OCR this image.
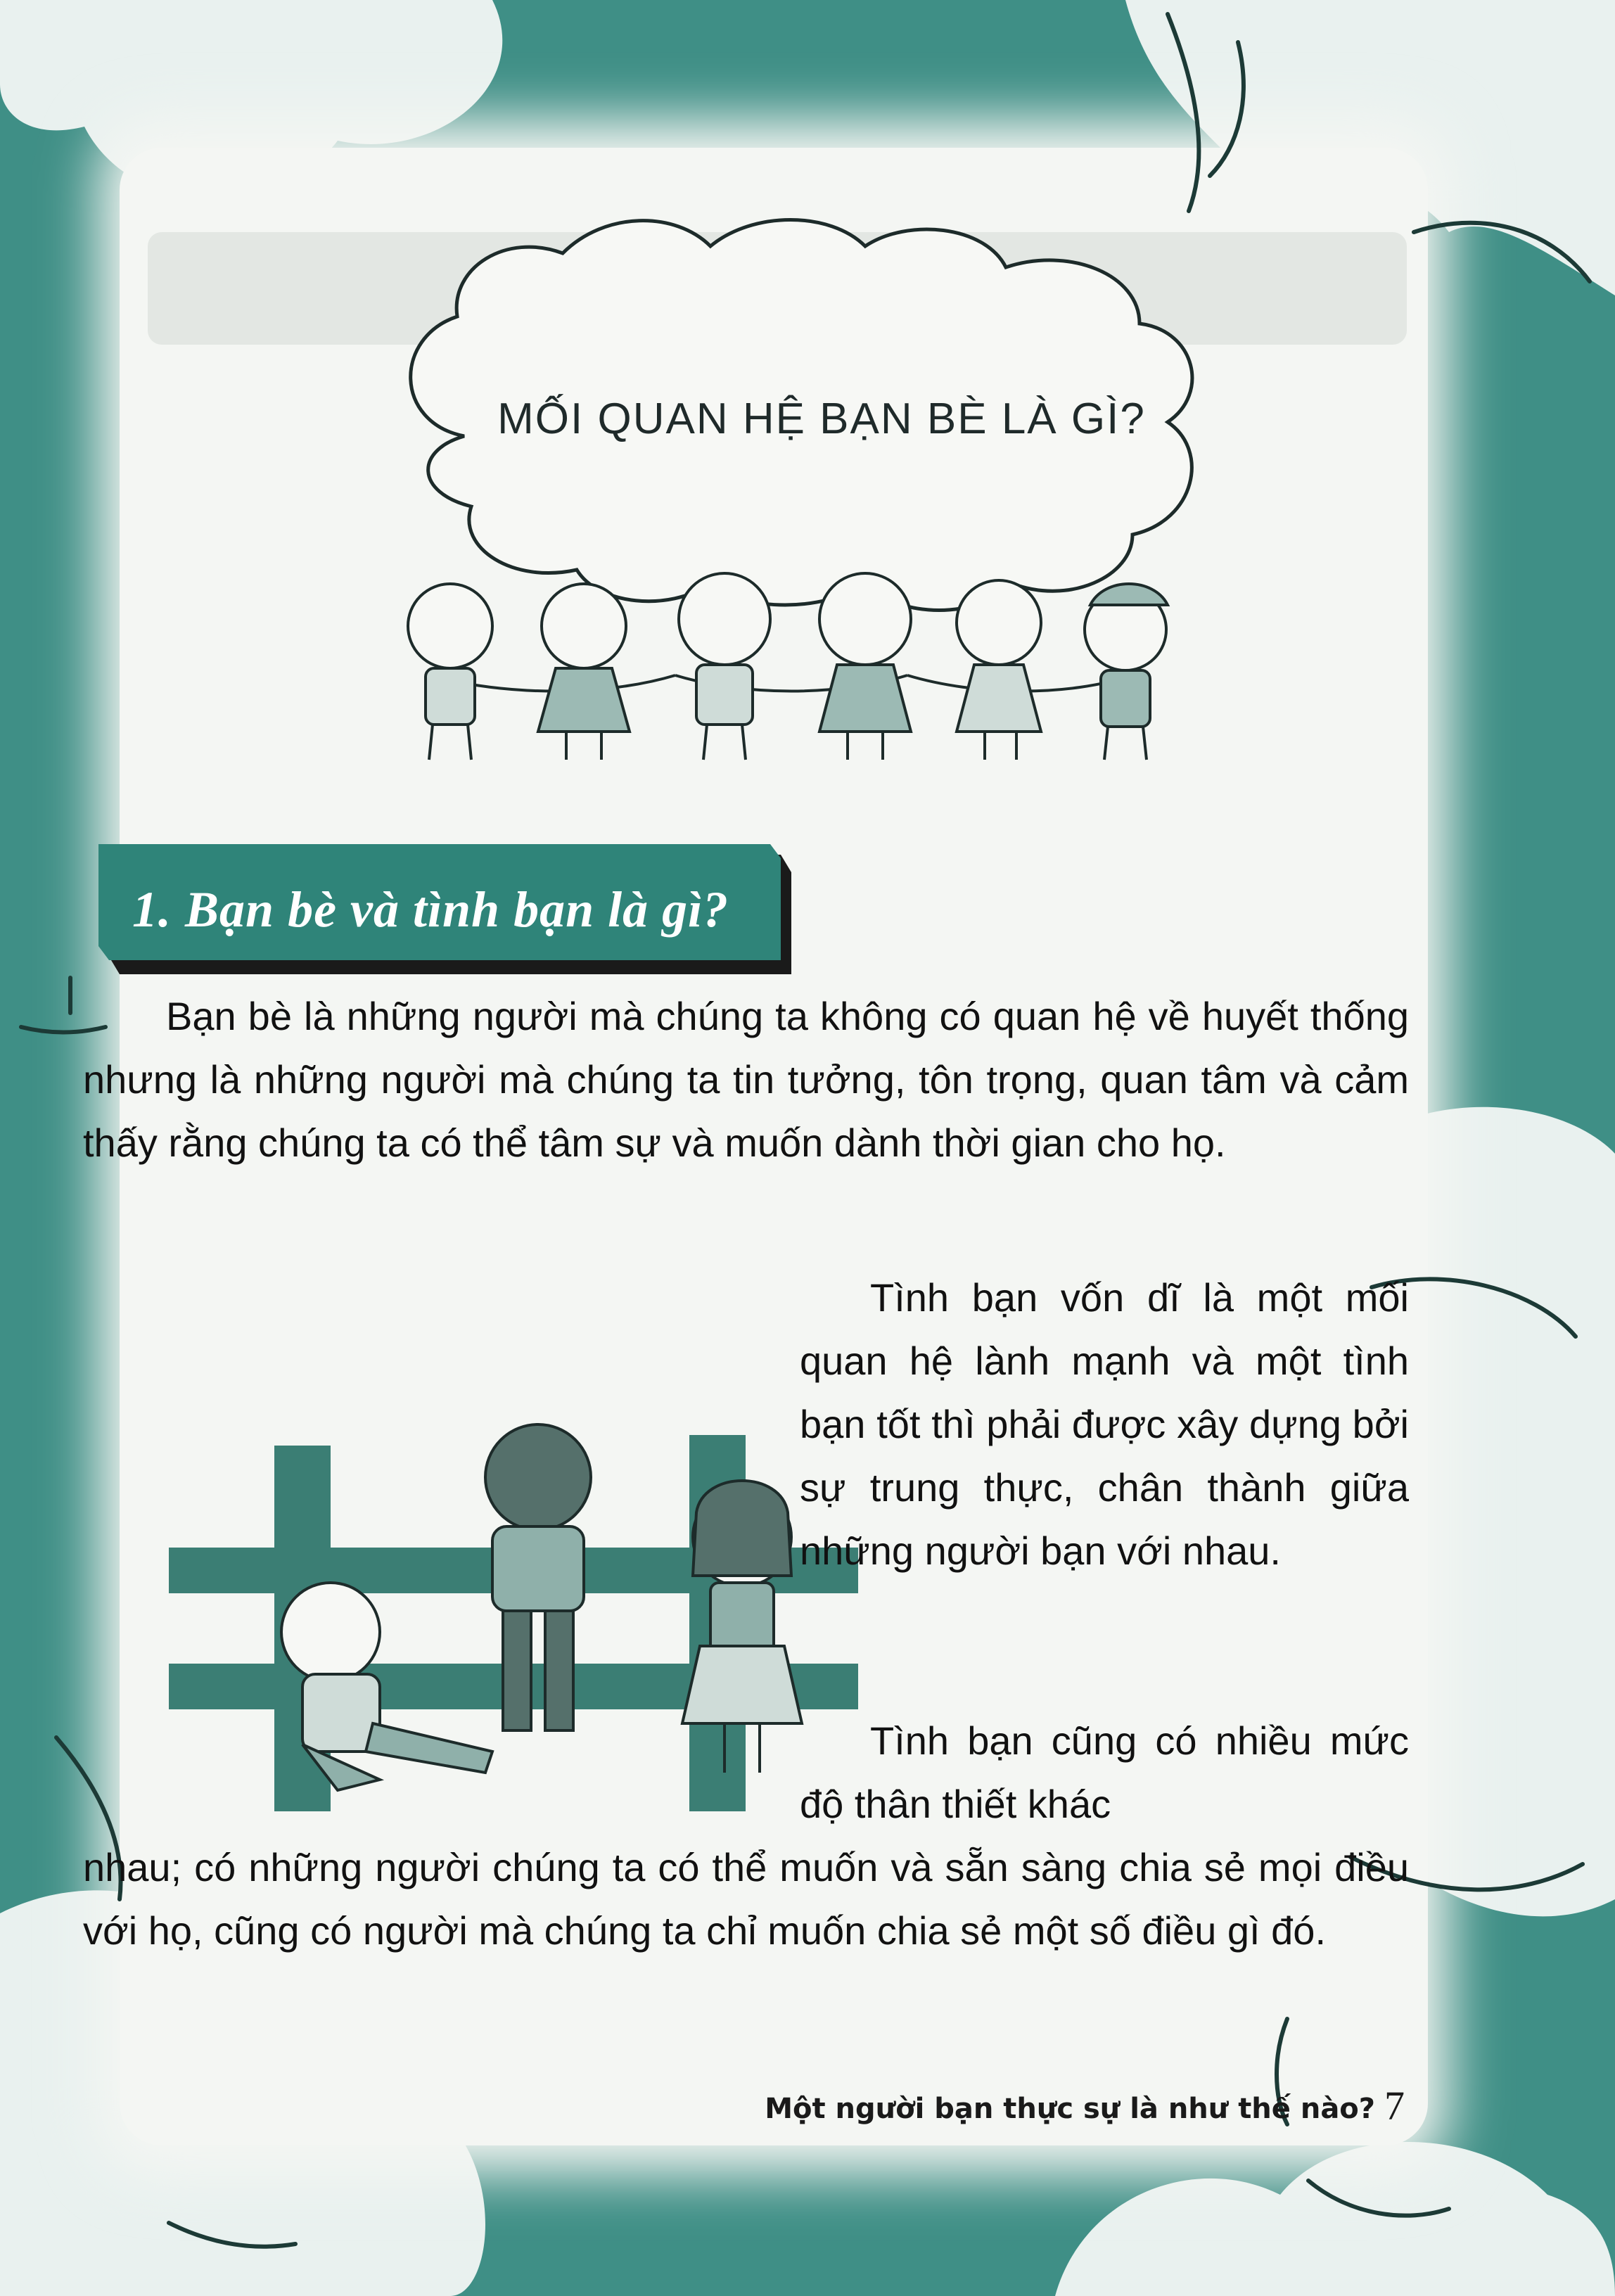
MỐI QUAN HỆ BẠN BÈ LÀ GÌ?
1. Bạn bè và tình bạn là gì?

Bạn bè là những người mà chúng ta không có quan hệ về huyết thống nhưng là những người mà chúng ta tin tưởng, tôn trọng, quan tâm và cảm thấy rằng chúng ta có thể tâm sự và muốn dành thời gian cho họ.

Tình bạn vốn dĩ là một mối quan hệ lành mạnh và một tình bạn tốt thì phải được xây dựng bởi sự trung thực, chân thành giữa những người bạn với nhau.

Tình bạn cũng có nhiều mức độ thân thiết khác

nhau; có những người chúng ta có thể muốn và sẵn sàng chia sẻ mọi điều với họ, cũng có người mà chúng ta chỉ muốn chia sẻ một số điều gì đó.

Một người bạn thực sự là như thế nào? 7
